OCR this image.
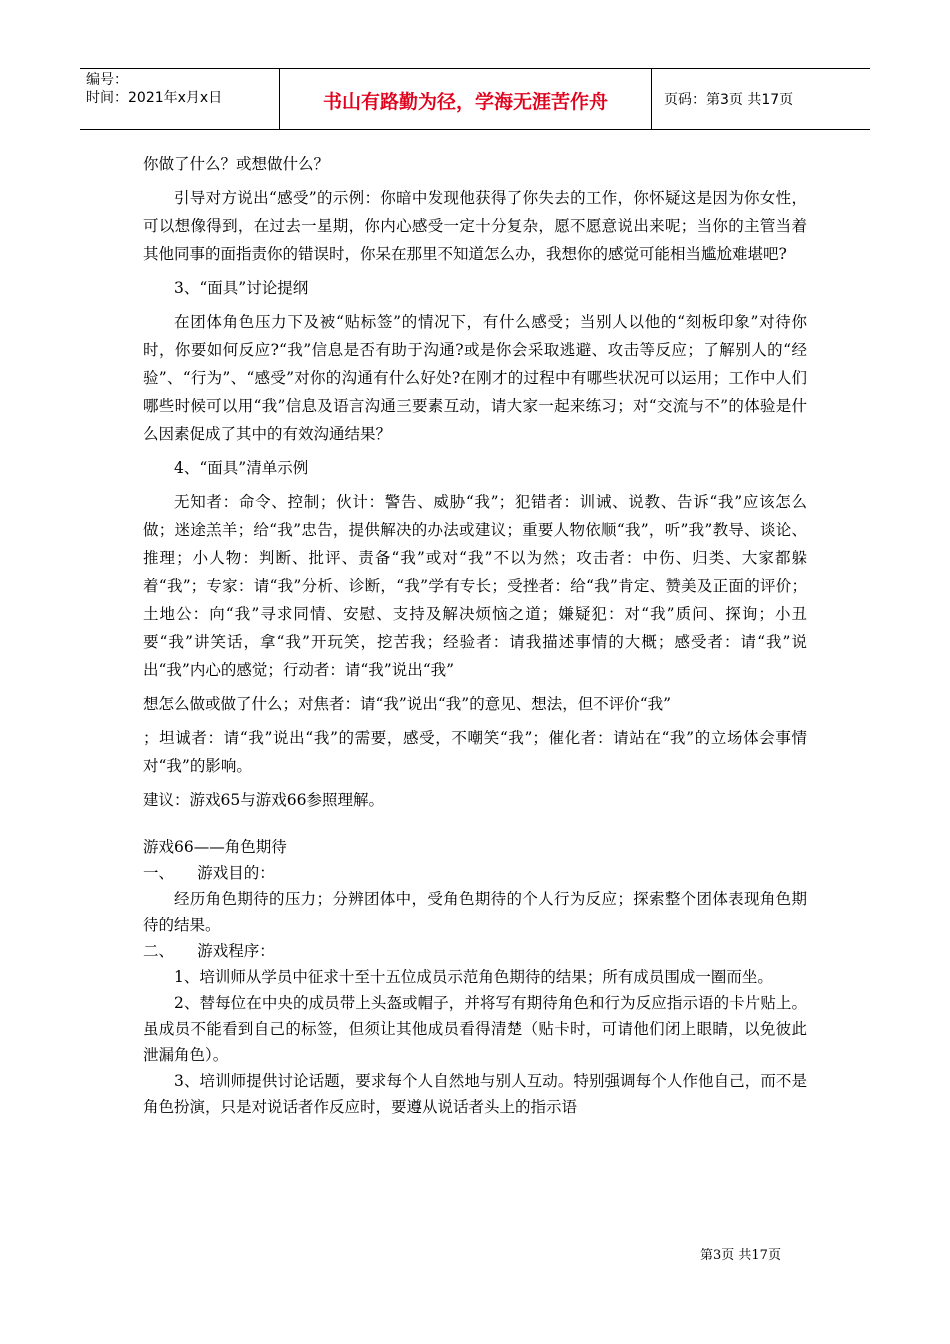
编号：
时间：2021年x月x日	书山有路勤为径，学海无涯苦作舟	页码：第3页 共17页

你做了什么？或想做什么？

引导对方说出“感受”的示例：你暗中发现他获得了你失去的工作，你怀疑这是因为你女性，可以想像得到，在过去一星期，你内心感受一定十分复杂，愿不愿意说出来呢；当你的主管当着其他同事的面指责你的错误时，你呆在那里不知道怎么办，我想你的感觉可能相当尴尬难堪吧?

3、“面具”讨论提纲

在团体角色压力下及被“贴标签”的情况下，有什么感受；当别人以他的“刻板印象”对待你时，你要如何反应?“我”信息是否有助于沟通?或是你会采取逃避、攻击等反应；了解别人的“经验”、“行为”、“感受”对你的沟通有什么好处?在刚才的过程中有哪些状况可以运用；工作中人们哪些时候可以用“我”信息及语言沟通三要素互动，请大家一起来练习；对“交流与不”的体验是什么因素促成了其中的有效沟通结果？

4、“面具”清单示例

无知者：命令、控制；伙计：警告、威胁“我”；犯错者：训诫、说教、告诉“我”应该怎么做；迷途羔羊；给“我”忠告，提供解决的办法或建议；重要人物依顺“我”，听”我”教导、谈论、推理；小人物：判断、批评、责备“我”或对“我”不以为然；攻击者：中伤、归类、大家都躲着“我”；专家：请“我”分析、诊断，“我”学有专长；受挫者：给“我”肯定、赞美及正面的评价；土地公：向“我”寻求同情、安慰、支持及解决烦恼之道；嫌疑犯：对“我”质问、探询；小丑要“我”讲笑话，拿“我”开玩笑，挖苦我；经验者：请我描述事情的大概；感受者：请“我”说出“我”内心的感觉；行动者：请“我”说出“我”

想怎么做或做了什么；对焦者：请“我”说出“我”的意见、想法，但不评价“我”

；坦诚者：请“我”说出“我”的需要，感受，不嘲笑“我”；催化者：请站在“我”的立场体会事情对“我”的影响。

建议：游戏65与游戏66参照理解。

游戏66——角色期待

一、　　游戏目的：

经历角色期待的压力；分辨团体中，受角色期待的个人行为反应；探索整个团体表现角色期待的结果。

二、　　游戏程序：

1、培训师从学员中征求十至十五位成员示范角色期待的结果；所有成员围成一圈而坐。

2、替每位在中央的成员带上头盔或帽子，并将写有期待角色和行为反应指示语的卡片贴上。虽成员不能看到自己的标签，但须让其他成员看得清楚（贴卡时，可请他们闭上眼睛，以免彼此泄漏角色）。

3、培训师提供讨论话题，要求每个人自然地与别人互动。特别强调每个人作他自己，而不是角色扮演，只是对说话者作反应时，要遵从说话者头上的指示语

第3页 共17页
